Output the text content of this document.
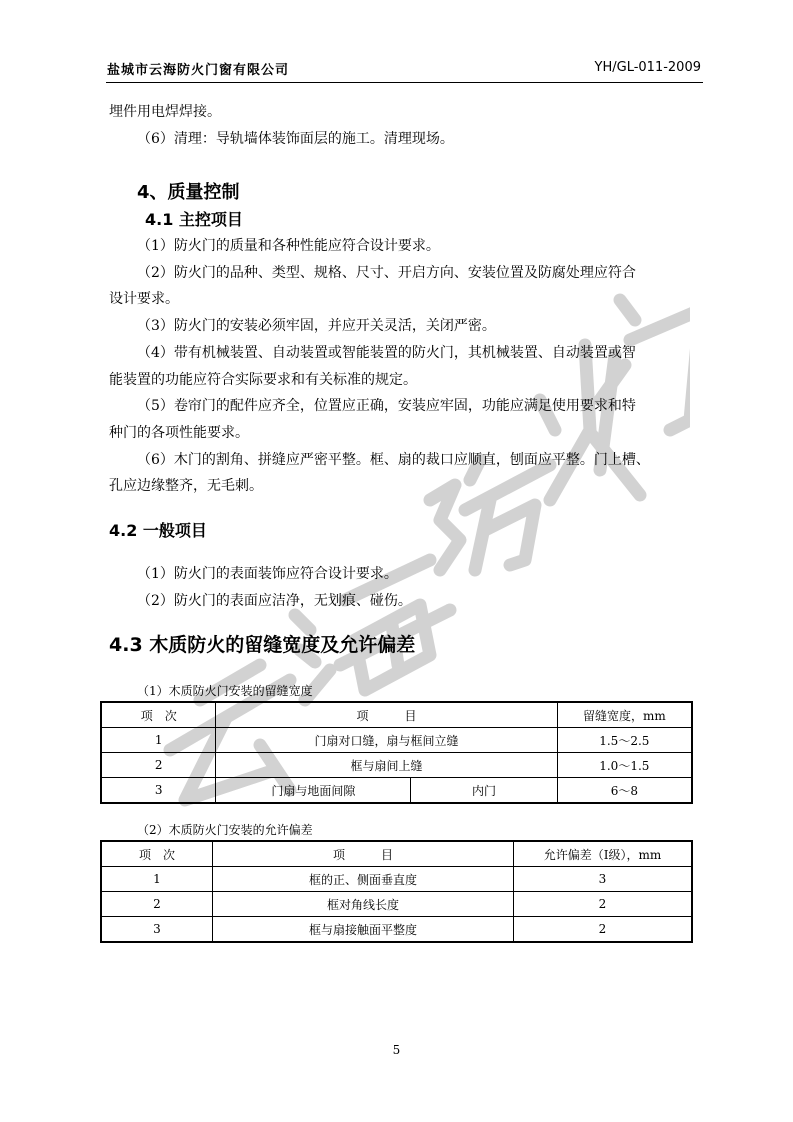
盐城市云海防火门窗有限公司	YH/GL-011-2009
埋件用电焊焊接。
（6）清理：导轨墙体装饰面层的施工。清理现场。
4、质量控制
4.1 主控项目
（1）防火门的质量和各种性能应符合设计要求。
（2）防火门的品种、类型、规格、尺寸、开启方向、安装位置及防腐处理应符合
设计要求。
（3）防火门的安装必须牢固，并应开关灵活，关闭严密。
（4）带有机械装置、自动装置或智能装置的防火门，其机械装置、自动装置或智
能装置的功能应符合实际要求和有关标准的规定。
（5）卷帘门的配件应齐全，位置应正确，安装应牢固，功能应满足使用要求和特
种门的各项性能要求。
（6）木门的割角、拼缝应严密平整。框、扇的裁口应顺直，刨面应平整。门上槽、
孔应边缘整齐，无毛刺。
4.2 一般项目
（1）防火门的表面装饰应符合设计要求。
（2）防火门的表面应洁净，无划痕、碰伤。
4.3 木质防火的留缝宽度及允许偏差
（1）木质防火门安装的留缝宽度
项　次	项　　　目		留缝宽度，mm
1	门扇对口缝，扇与框间立缝		1.5～2.5
2	框与扇间上缝		1.0～1.5
3	门扇与地面间隙	内门	6～8
（2）木质防火门安装的允许偏差
项　次	项　　　目	允许偏差（Ⅰ级），mm
1	框的正、侧面垂直度	3
2	框对角线长度	2
3	框与扇接触面平整度	2
5
